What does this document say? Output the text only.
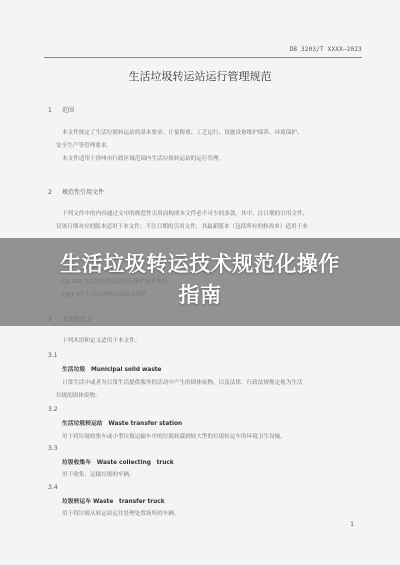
DB 3203/T XXXX—2023
生活垃圾转运站运行管理规范
1 范围
本文件规定了生活垃圾转运站的基本要求、计量称重、工艺运行、设施设备维护保养、环境保护、
安全生产等管理要求。
本文件适用于徐州市行政区域范围内生活垃圾转运站的运行管理。
2 规范性引用文件
下列文件中的内容通过文中的规范性引用而构成本文件必不可少的条款。其中，注日期的引用文件，
仅该日期对应的版本适用于本文件；不注日期的引用文件，其最新版本（包括所有的修改单）适用于本
下列术语和定义适用于本文件。
3.1
生活垃圾　Municipal solid waste
日常生活中或者为日常生活提供服务的活动中产生的固体废物，以及法律、行政法规规定视为生活
垃圾的固体废物。
3.2
生活垃圾转运站　Waste transfer station
用于将垃圾收集车或小型垃圾运输车中的垃圾转载到较大型的垃圾转运车的环境卫生设施。
3.3
垃圾收集车　Waste collecting　truck
用于收集、运输垃圾的车辆。
3.4
垃圾转运车 Waste　transfer truck
用于将垃圾从转运站运往处理处置场所的车辆。
1
生活垃圾转运技术规范化操作
指南
